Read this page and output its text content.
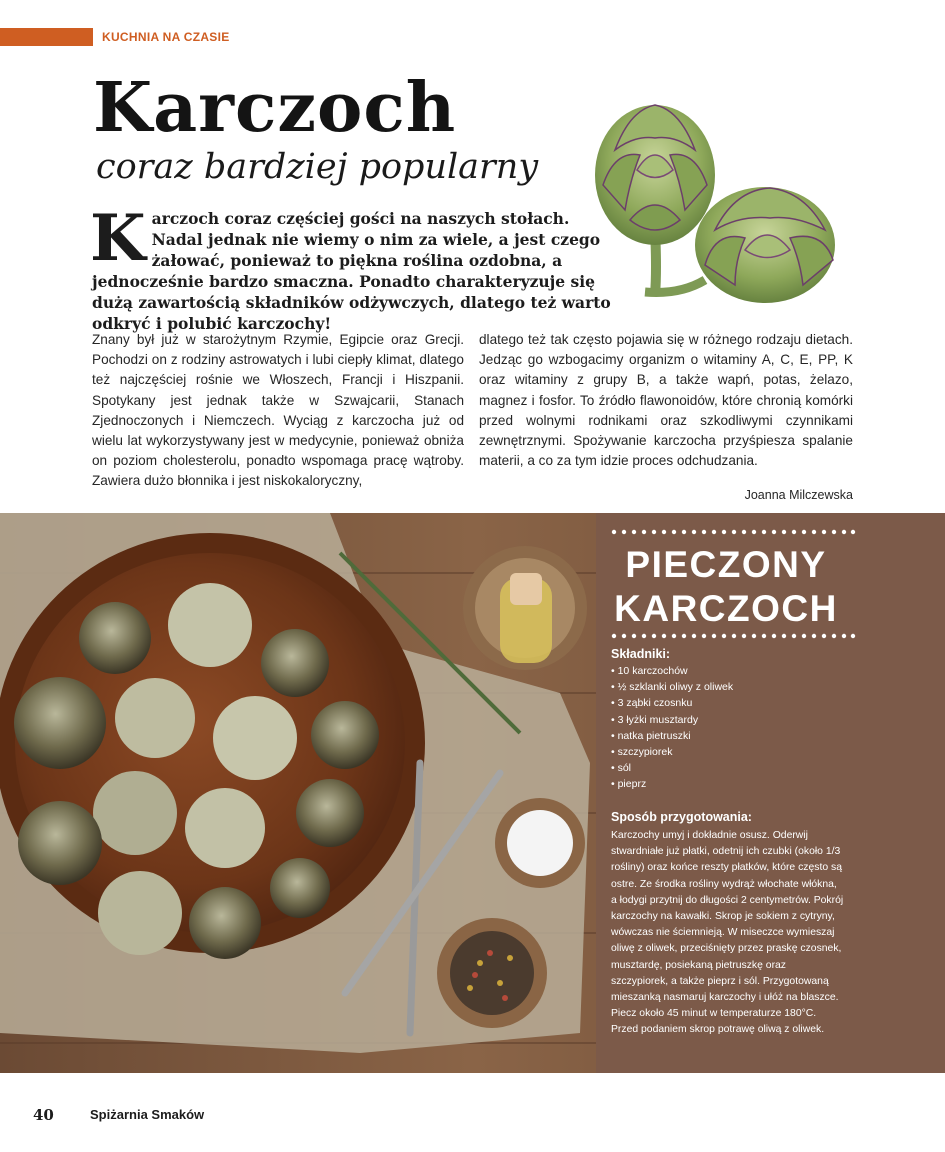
KUCHNIA NA CZASIE
Karczoch
coraz bardziej popularny
Karczoch coraz częściej gości na naszych stołach. Nadal jednak nie wiemy o nim za wiele, a jest czego żałować, ponieważ to piękna roślina ozdobna, a jednocześnie bardzo smaczna. Ponadto charakteryzuje się dużą zawartością składników odżywczych, dlatego też warto odkryć i polubić karczochy!
Znany był już w starożytnym Rzymie, Egipcie oraz Grecji. Pochodzi on z rodziny astrowatych i lubi ciepły klimat, dlatego też najczęściej rośnie we Włoszech, Francji i Hiszpanii. Spotykany jest jednak także w Szwajcarii, Stanach Zjednoczonych i Niemczech. Wyciąg z karczocha już od wielu lat wykorzystywany jest w medycynie, ponieważ obniża on poziom cholesterolu, ponadto wspomaga pracę wątroby. Zawiera dużo błonnika i jest niskokaloryczny,
dlatego też tak często pojawia się w różnego rodzaju dietach. Jedząc go wzbogacimy organizm o witaminy A, C, E, PP, K oraz witaminy z grupy B, a także wapń, potas, żelazo, magnez i fosfor. To źródło flawonoidów, które chronią komórki przed wolnymi rodnikami oraz szkodliwymi czynnikami zewnętrznymi. Spożywanie karczocha przyśpiesza spalanie materii, a co za tym idzie proces odchudzania.
Joanna Milczewska
PIECZONY
KARCZOCH
Składniki:
• 10 karczochów
• ½ szklanki oliwy z oliwek
• 3 ząbki czosnku
• 3 łyżki musztardy
• natka pietruszki
• szczypiorek
• sól
• pieprz
Sposób przygotowania:
Karczochy umyj i dokładnie osusz. Oderwij stwardniałe już płatki, odetnij ich czubki (około 1/3 rośliny) oraz końce reszty płatków, które często są ostre. Ze środka rośliny wydrąż włochate włókna, a łodygi przytnij do długości 2 centymetrów. Pokrój karczochy na kawałki. Skrop je sokiem z cytryny, wówczas nie ściemnieją. W miseczce wymieszaj oliwę z oliwek, przeciśnięty przez praskę czosnek, musztardę, posiekaną pietruszkę oraz szczypiorek, a także pieprz i sól. Przygotowaną mieszanką nasmaruj karczochy i ułóż na blaszce. Piecz około 45 minut w temperaturze 180°C. Przed podaniem skrop potrawę oliwą z oliwek.
40	Spiżarnia Smaków
